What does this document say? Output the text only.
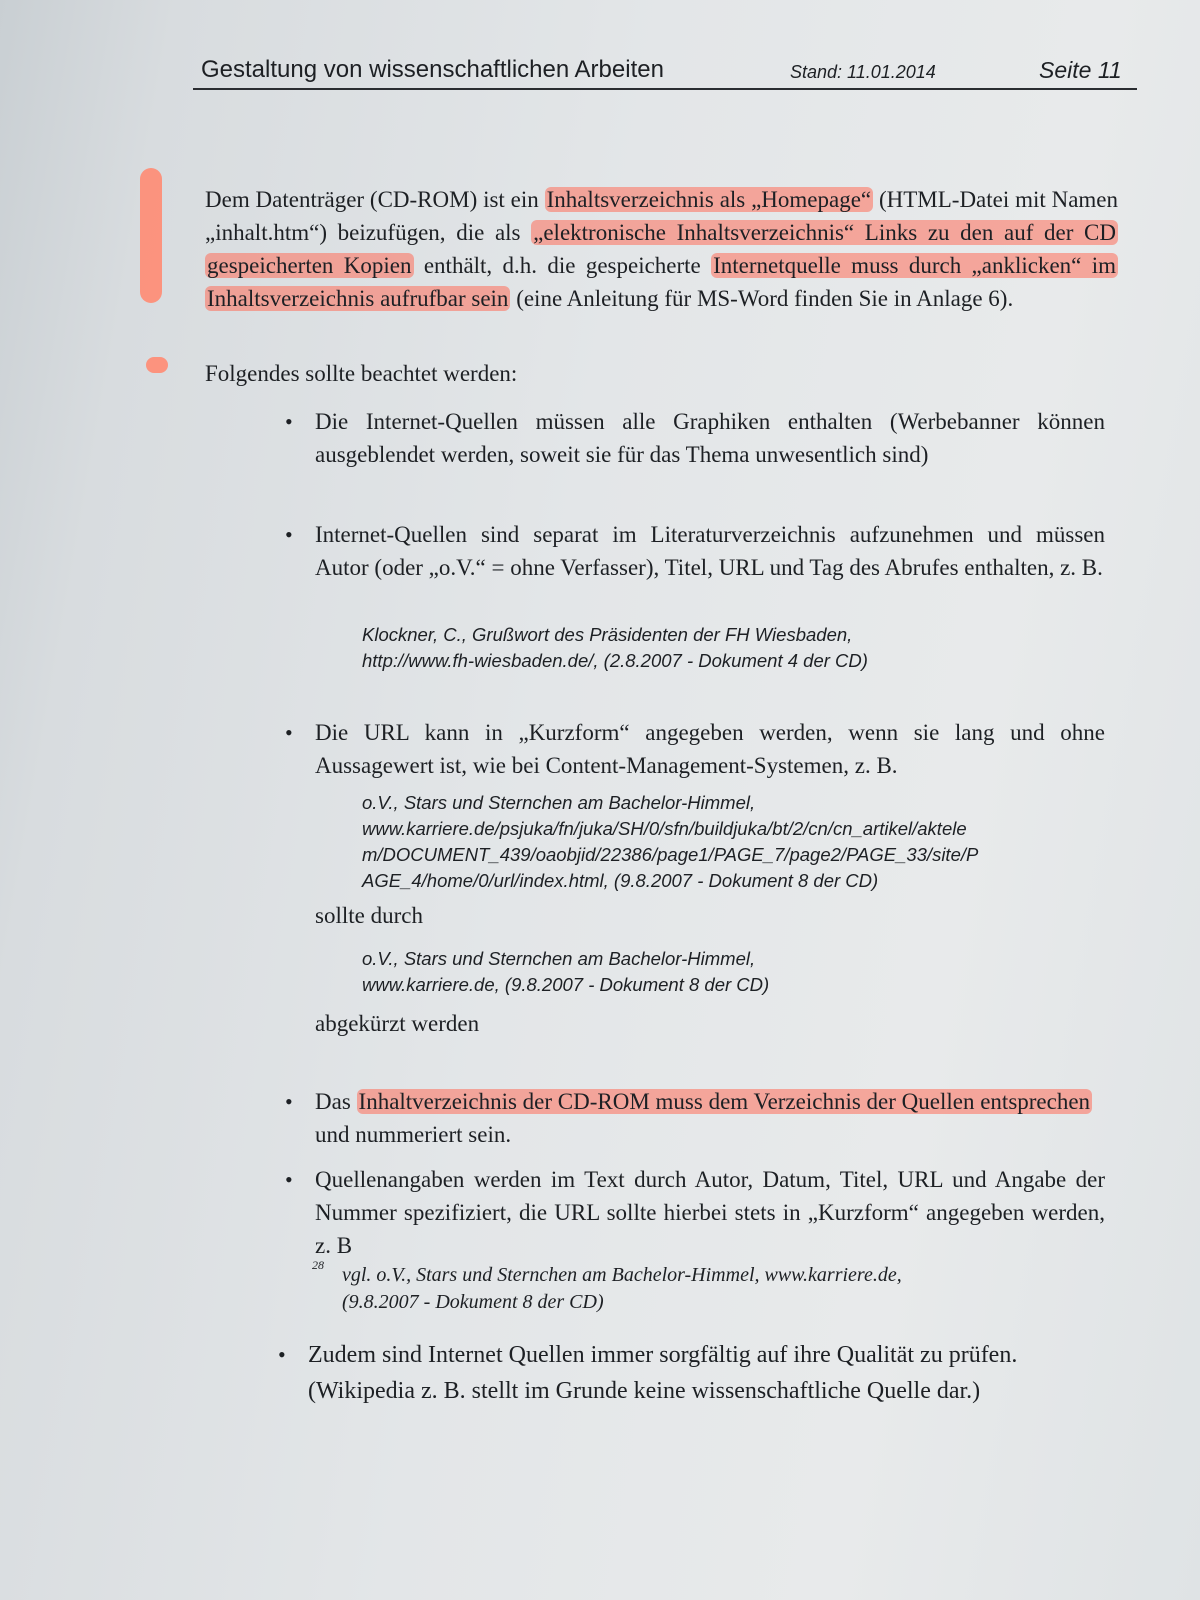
Gestaltung von wissenschaftlichen Arbeiten	Stand: 11.01.2014	Seite 11

Dem Datenträger (CD-ROM) ist ein Inhaltsverzeichnis als „Homepage“ (HTML-Datei mit Namen „inhalt.htm“) beizufügen, die als „elektronische Inhaltsverzeichnis“ Links zu den auf der CD gespeicherten Kopien enthält, d.h. die gespeicherte Internetquelle muss durch „anklicken“ im Inhaltsverzeichnis aufrufbar sein (eine Anleitung für MS-Word finden Sie in Anlage 6).

Folgendes sollte beachtet werden:

• Die Internet-Quellen müssen alle Graphiken enthalten (Werbebanner können ausgeblendet werden, soweit sie für das Thema unwesentlich sind)

• Internet-Quellen sind separat im Literaturverzeichnis aufzunehmen und müssen Autor (oder „o.V.“ = ohne Verfasser), Titel, URL und Tag des Abrufes enthalten, z. B.

Klockner, C., Grußwort des Präsidenten der FH Wiesbaden,
http://www.fh-wiesbaden.de/, (2.8.2007 - Dokument 4 der CD)
• Die URL kann in „Kurzform“ angegeben werden, wenn sie lang und ohne Aussagewert ist, wie bei Content-Management-Systemen, z. B.

o.V., Stars und Sternchen am Bachelor-Himmel,
www.karriere.de/psjuka/fn/juka/SH/0/sfn/buildjuka/bt/2/cn/cn_artikel/aktele
m/DOCUMENT_439/oaobjid/22386/page1/PAGE_7/page2/PAGE_33/site/P
AGE_4/home/0/url/index.html, (9.8.2007 - Dokument 8 der CD)
sollte durch
o.V., Stars und Sternchen am Bachelor-Himmel,
www.karriere.de, (9.8.2007 - Dokument 8 der CD)
abgekürzt werden
• Das Inhaltverzeichnis der CD-ROM muss dem Verzeichnis der Quellen entsprechen und nummeriert sein.

• Quellenangaben werden im Text durch Autor, Datum, Titel, URL und Angabe der Nummer spezifiziert, die URL sollte hierbei stets in „Kurzform“ angegeben werden, z. B

28 vgl. o.V., Stars und Sternchen am Bachelor-Himmel, www.karriere.de,
(9.8.2007 - Dokument 8 der CD)
• Zudem sind Internet Quellen immer sorgfältig auf ihre Qualität zu prüfen. (Wikipedia z. B. stellt im Grunde keine wissenschaftliche Quelle dar.)
